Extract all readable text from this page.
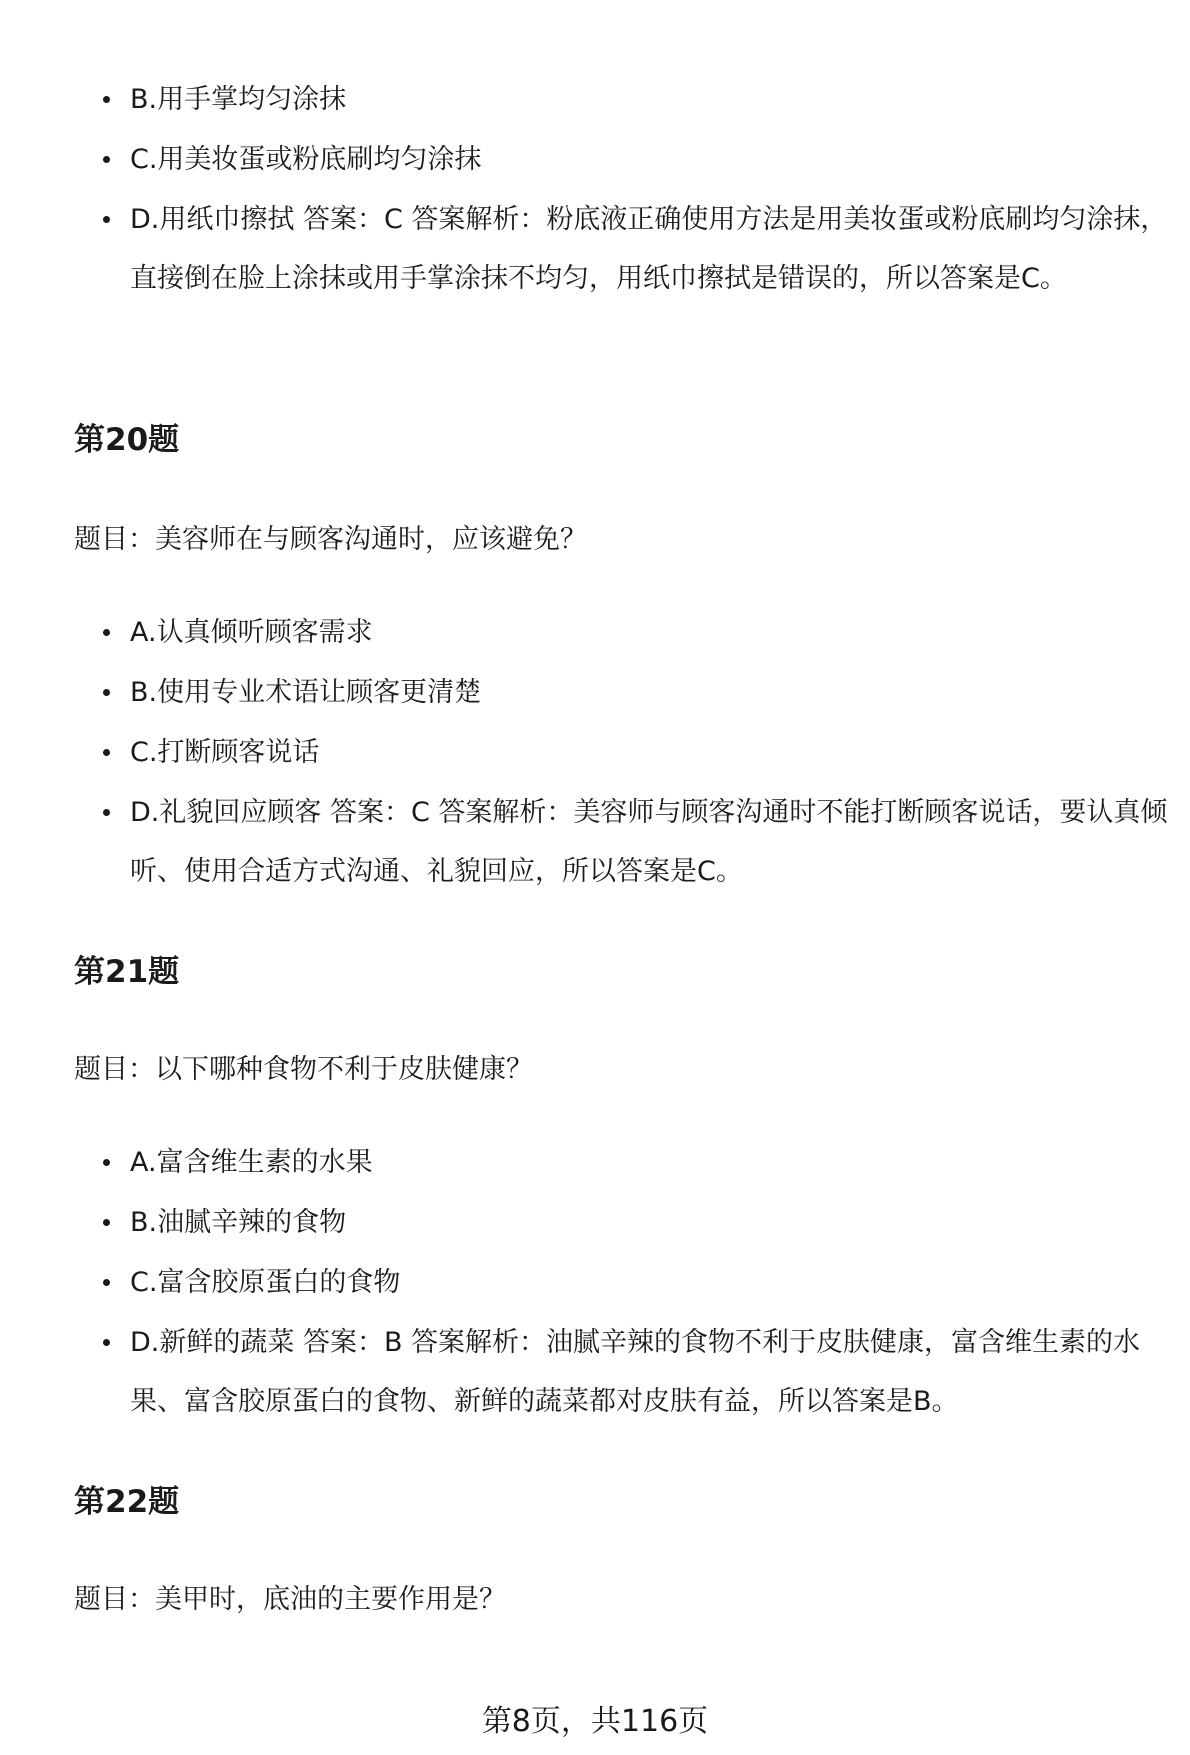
B.用手掌均匀涂抹
C.用美妆蛋或粉底刷均匀涂抹
D.用纸巾擦拭 答案：C 答案解析：粉底液正确使用方法是用美妆蛋或粉底刷均匀涂抹，直接倒在脸上涂抹或用手掌涂抹不均匀，用纸巾擦拭是错误的，所以答案是C。
第20题

题目：美容师在与顾客沟通时，应该避免？

A.认真倾听顾客需求
B.使用专业术语让顾客更清楚
C.打断顾客说话
D.礼貌回应顾客 答案：C 答案解析：美容师与顾客沟通时不能打断顾客说话，要认真倾听、使用合适方式沟通、礼貌回应，所以答案是C。
第21题

题目：以下哪种食物不利于皮肤健康？

A.富含维生素的水果
B.油腻辛辣的食物
C.富含胶原蛋白的食物
D.新鲜的蔬菜 答案：B 答案解析：油腻辛辣的食物不利于皮肤健康，富含维生素的水果、富含胶原蛋白的食物、新鲜的蔬菜都对皮肤有益，所以答案是B。
第22题

题目：美甲时，底油的主要作用是？

第8页，共116页
